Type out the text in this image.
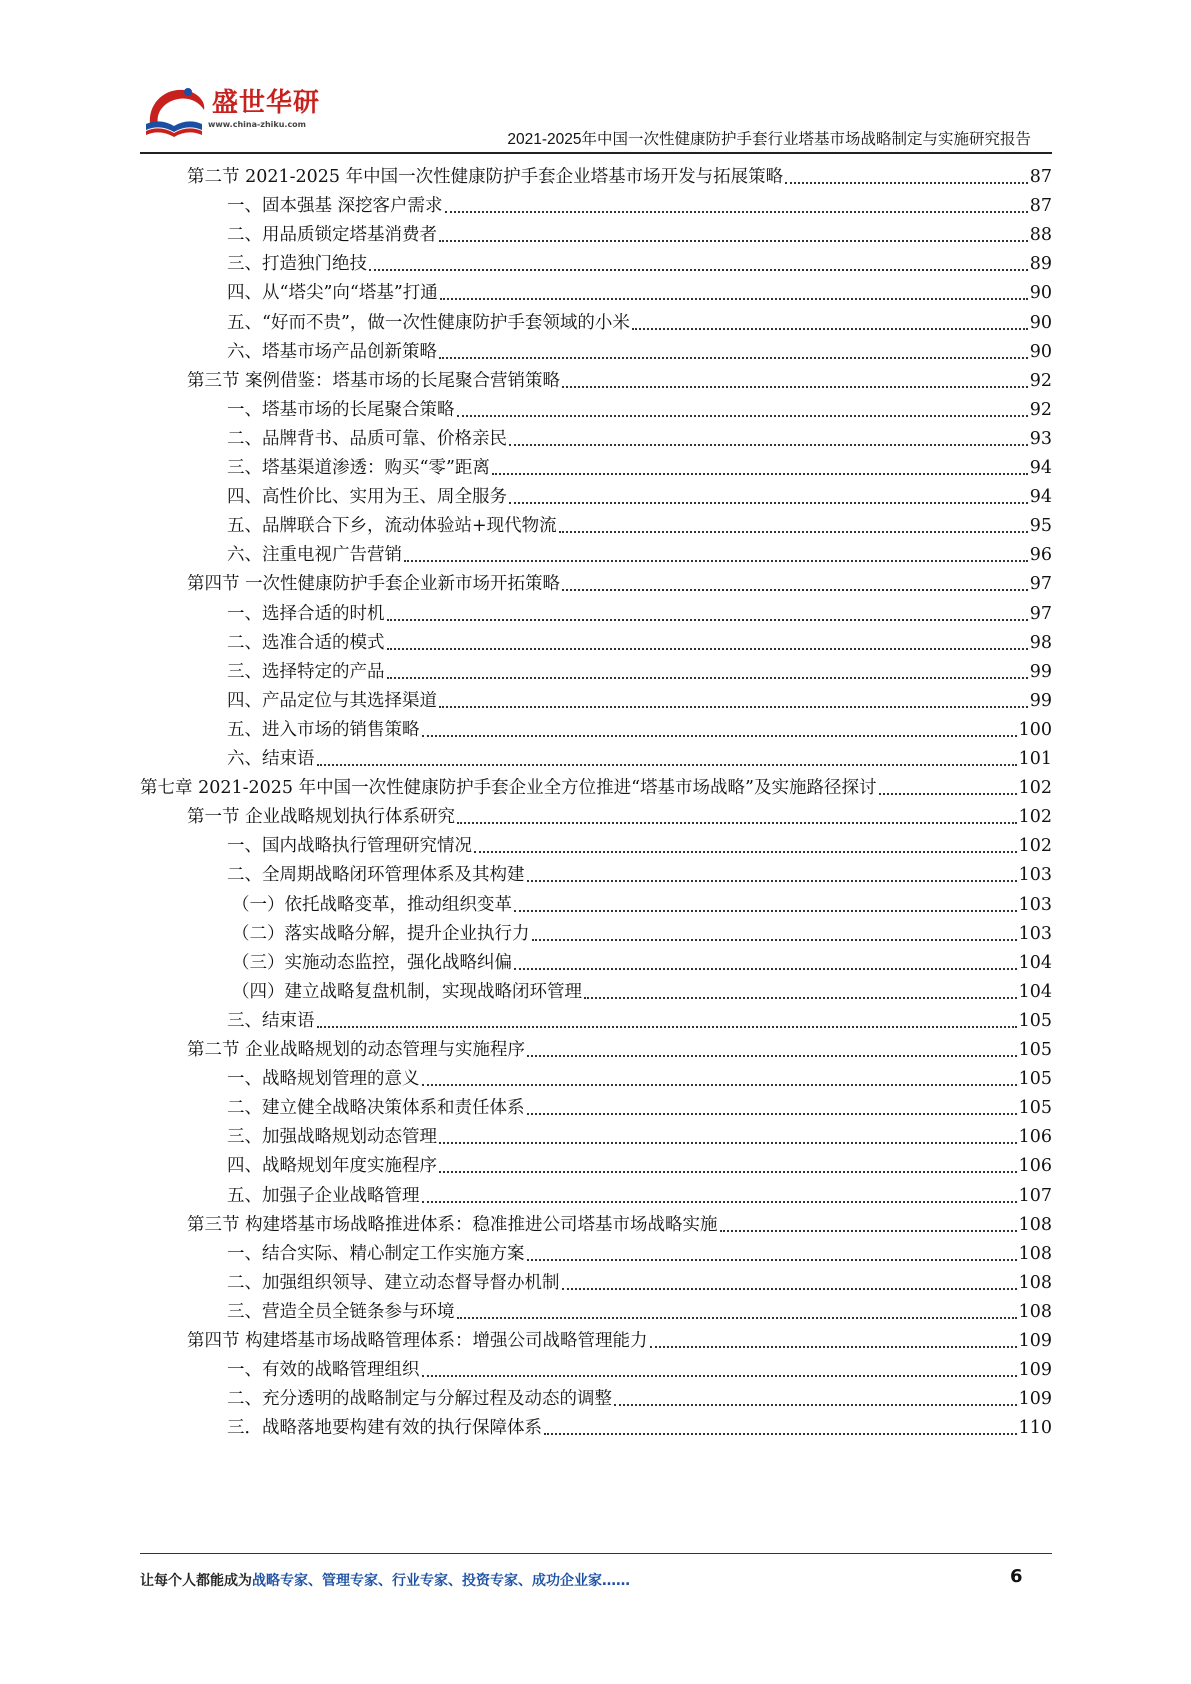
盛世华研
www.china-zhiku.com
2021-2025年中国一次性健康防护手套行业塔基市场战略制定与实施研究报告
第二节 2021-2025 年中国一次性健康防护手套企业塔基市场开发与拓展策略	87
一、固本强基 深挖客户需求	87
二、用品质锁定塔基消费者	88
三、打造独门绝技	89
四、从“塔尖”向“塔基”打通	90
五、“好而不贵”，做一次性健康防护手套领域的小米	90
六、塔基市场产品创新策略	90
第三节 案例借鉴：塔基市场的长尾聚合营销策略	92
一、塔基市场的长尾聚合策略	92
二、品牌背书、品质可靠、价格亲民	93
三、塔基渠道渗透：购买“零”距离	94
四、高性价比、实用为王、周全服务	94
五、品牌联合下乡，流动体验站+现代物流	95
六、注重电视广告营销	96
第四节 一次性健康防护手套企业新市场开拓策略	97
一、选择合适的时机	97
二、选准合适的模式	98
三、选择特定的产品	99
四、产品定位与其选择渠道	99
五、进入市场的销售策略	100
六、结束语	101
第七章 2021-2025 年中国一次性健康防护手套企业全方位推进“塔基市场战略”及实施路径探讨	102
第一节 企业战略规划执行体系研究	102
一、国内战略执行管理研究情况	102
二、全周期战略闭环管理体系及其构建	103
（一）依托战略变革，推动组织变革	103
（二）落实战略分解，提升企业执行力	103
（三）实施动态监控，强化战略纠偏	104
（四）建立战略复盘机制，实现战略闭环管理	104
三、结束语	105
第二节 企业战略规划的动态管理与实施程序	105
一、战略规划管理的意义	105
二、建立健全战略决策体系和责任体系	105
三、加强战略规划动态管理	106
四、战略规划年度实施程序	106
五、加强子企业战略管理	107
第三节 构建塔基市场战略推进体系：稳准推进公司塔基市场战略实施	108
一、结合实际、精心制定工作实施方案	108
二、加强组织领导、建立动态督导督办机制	108
三、营造全员全链条参与环境	108
第四节 构建塔基市场战略管理体系：增强公司战略管理能力	109
一、有效的战略管理组织	109
二、充分透明的战略制定与分解过程及动态的调整	109
三．战略落地要构建有效的执行保障体系	110
让每个人都能成为战略专家、管理专家、行业专家、投资专家、成功企业家……	6
